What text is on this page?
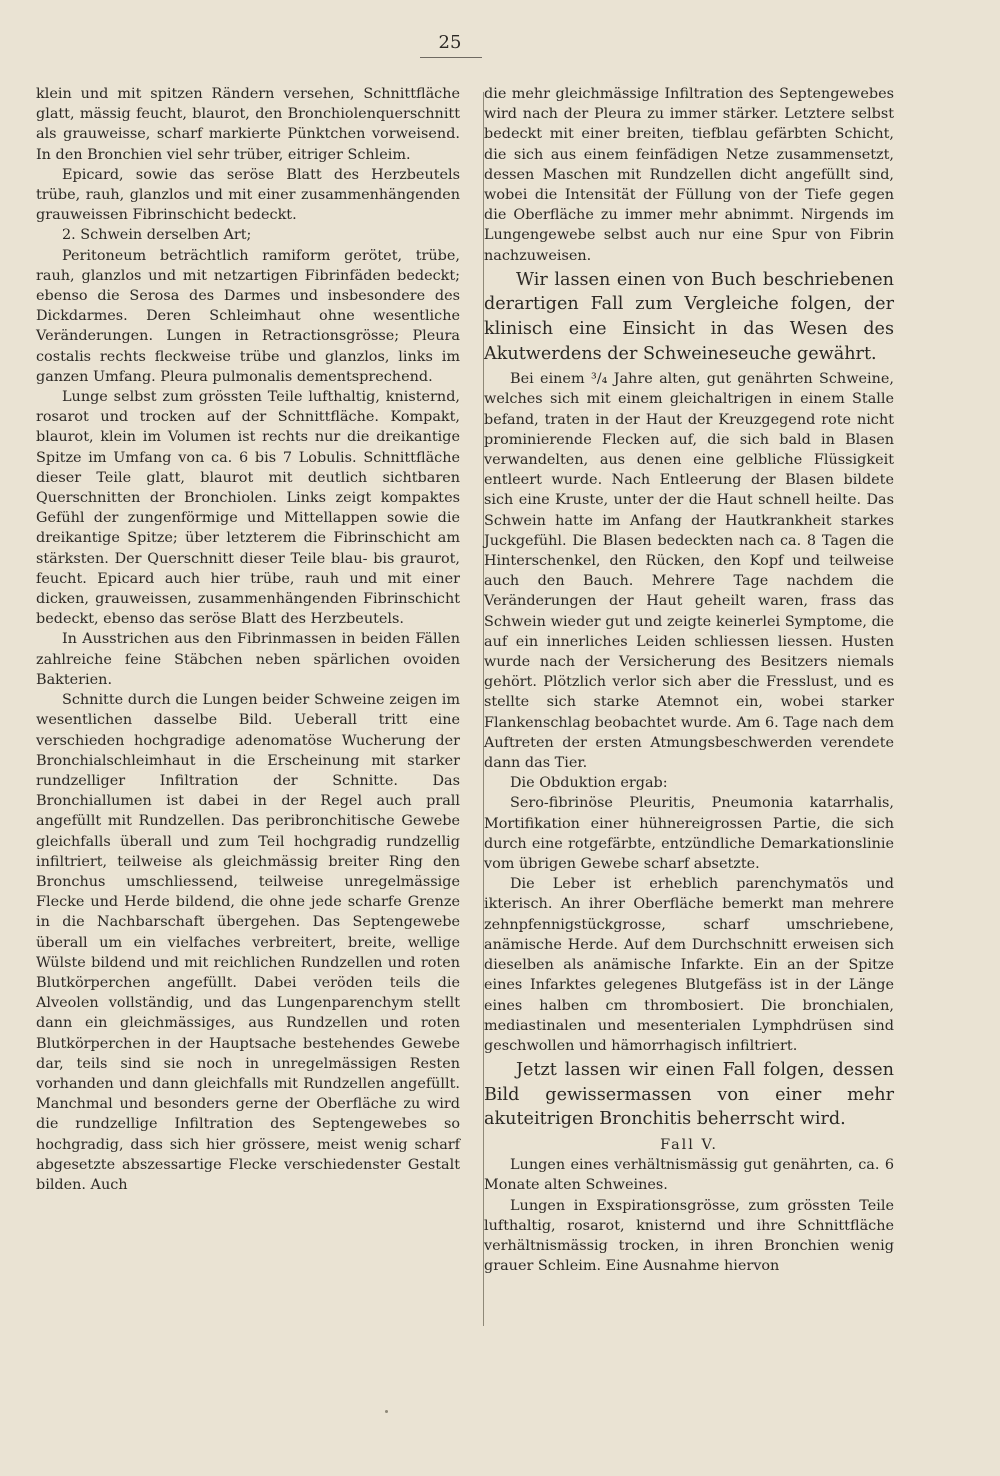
25

klein und mit spitzen Rändern versehen, Schnittfläche glatt, mässig feucht, blaurot, den Bronchiolenquerschnitt als grauweisse, scharf markierte Pünktchen vorweisend. In den Bronchien viel sehr trüber, eitriger Schleim.

Epicard, sowie das seröse Blatt des Herzbeutels trübe, rauh, glanzlos und mit einer zusammenhängenden grauweissen Fibrinschicht bedeckt.

2. Schwein derselben Art;

Peritoneum beträchtlich ramiform gerötet, trübe, rauh, glanzlos und mit netzartigen Fibrinfäden bedeckt; ebenso die Serosa des Darmes und insbesondere des Dickdarmes. Deren Schleimhaut ohne wesentliche Veränderungen. Lungen in Retractionsgrösse; Pleura costalis rechts fleckweise trübe und glanzlos, links im ganzen Umfang. Pleura pulmonalis dementsprechend.

Lunge selbst zum grössten Teile lufthaltig, knisternd, rosarot und trocken auf der Schnittfläche. Kompakt, blaurot, klein im Volumen ist rechts nur die dreikantige Spitze im Umfang von ca. 6 bis 7 Lobulis. Schnittfläche dieser Teile glatt, blaurot mit deutlich sichtbaren Querschnitten der Bronchiolen. Links zeigt kompaktes Gefühl der zungenförmige und Mittellappen sowie die dreikantige Spitze; über letzterem die Fibrinschicht am stärksten. Der Querschnitt dieser Teile blau- bis graurot, feucht. Epicard auch hier trübe, rauh und mit einer dicken, grauweissen, zusammenhängenden Fibrinschicht bedeckt, ebenso das seröse Blatt des Herzbeutels.

In Ausstrichen aus den Fibrinmassen in beiden Fällen zahlreiche feine Stäbchen neben spärlichen ovoiden Bakterien.

Schnitte durch die Lungen beider Schweine zeigen im wesentlichen dasselbe Bild. Ueberall tritt eine verschieden hochgradige adenomatöse Wucherung der Bronchialschleimhaut in die Erscheinung mit starker rundzelliger Infiltration der Schnitte. Das Bronchiallumen ist dabei in der Regel auch prall angefüllt mit Rundzellen. Das peribronchitische Gewebe gleichfalls überall und zum Teil hochgradig rundzellig infiltriert, teilweise als gleichmässig breiter Ring den Bronchus umschliessend, teilweise unregelmässige Flecke und Herde bildend, die ohne jede scharfe Grenze in die Nachbarschaft übergehen. Das Septengewebe überall um ein vielfaches verbreitert, breite, wellige Wülste bildend und mit reichlichen Rundzellen und roten Blutkörperchen angefüllt. Dabei veröden teils die Alveolen vollständig, und das Lungenparenchym stellt dann ein gleichmässiges, aus Rundzellen und roten Blutkörperchen in der Hauptsache bestehendes Gewebe dar, teils sind sie noch in unregelmässigen Resten vorhanden und dann gleichfalls mit Rundzellen angefüllt. Manchmal und besonders gerne der Oberfläche zu wird die rundzellige Infiltration des Septengewebes so hochgradig, dass sich hier grössere, meist wenig scharf abgesetzte abszessartige Flecke verschiedenster Gestalt bilden. Auch

die mehr gleichmässige Infiltration des Septengewebes wird nach der Pleura zu immer stärker. Letztere selbst bedeckt mit einer breiten, tiefblau gefärbten Schicht, die sich aus einem feinfädigen Netze zusammensetzt, dessen Maschen mit Rundzellen dicht angefüllt sind, wobei die Intensität der Füllung von der Tiefe gegen die Oberfläche zu immer mehr abnimmt. Nirgends im Lungengewebe selbst auch nur eine Spur von Fibrin nachzuweisen.

Wir lassen einen von Buch beschriebenen derartigen Fall zum Vergleiche folgen, der klinisch eine Einsicht in das Wesen des Akutwerdens der Schweineseuche gewährt.

Bei einem ³/₄ Jahre alten, gut genährten Schweine, welches sich mit einem gleichaltrigen in einem Stalle befand, traten in der Haut der Kreuzgegend rote nicht prominierende Flecken auf, die sich bald in Blasen verwandelten, aus denen eine gelbliche Flüssigkeit entleert wurde. Nach Entleerung der Blasen bildete sich eine Kruste, unter der die Haut schnell heilte. Das Schwein hatte im Anfang der Hautkrankheit starkes Juckgefühl. Die Blasen bedeckten nach ca. 8 Tagen die Hinterschenkel, den Rücken, den Kopf und teilweise auch den Bauch. Mehrere Tage nachdem die Veränderungen der Haut geheilt waren, frass das Schwein wieder gut und zeigte keinerlei Symptome, die auf ein innerliches Leiden schliessen liessen. Husten wurde nach der Versicherung des Besitzers niemals gehört. Plötzlich verlor sich aber die Fresslust, und es stellte sich starke Atemnot ein, wobei starker Flankenschlag beobachtet wurde. Am 6. Tage nach dem Auftreten der ersten Atmungsbeschwerden verendete dann das Tier.

Die Obduktion ergab:

Sero-fibrinöse Pleuritis, Pneumonia katarrhalis, Mortifikation einer hühnereigrossen Partie, die sich durch eine rotgefärbte, entzündliche Demarkationslinie vom übrigen Gewebe scharf absetzte.

Die Leber ist erheblich parenchymatös und ikterisch. An ihrer Oberfläche bemerkt man mehrere zehnpfennigstückgrosse, scharf umschriebene, anämische Herde. Auf dem Durchschnitt erweisen sich dieselben als anämische Infarkte. Ein an der Spitze eines Infarktes gelegenes Blutgefäss ist in der Länge eines halben cm thrombosiert. Die bronchialen, mediastinalen und mesenterialen Lymphdrüsen sind geschwollen und hämorrhagisch infiltriert.

Jetzt lassen wir einen Fall folgen, dessen Bild gewissermassen von einer mehr akuteitrigen Bronchitis beherrscht wird.

Fall V.

Lungen eines verhältnismässig gut genährten, ca. 6 Monate alten Schweines.

Lungen in Exspirationsgrösse, zum grössten Teile lufthaltig, rosarot, knisternd und ihre Schnittfläche verhältnismässig trocken, in ihren Bronchien wenig grauer Schleim. Eine Ausnahme hiervon
